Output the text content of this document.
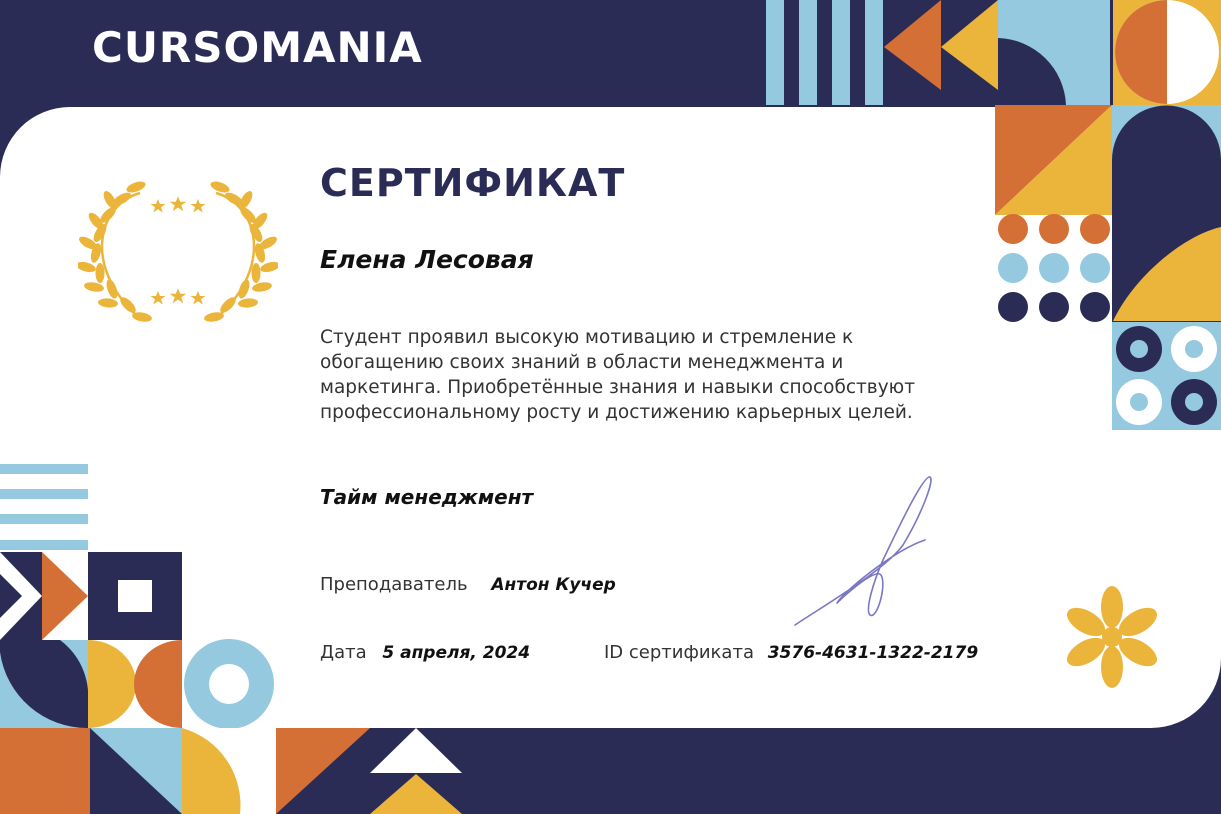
CURSOMANIA
СЕРТИФИКАТ
Елена Лесовая

Студент проявил высокую мотивацию и стремление к обогащению своих знаний в области менеджмента и маркетинга. Приобретённые знания и навыки способствуют профессиональному росту и достижению карьерных целей.

Тайм менеджмент
Преподаватель Антон Кучер
Дата 5 апреля, 2024	ID сертификата 3576-4631-1322-2179
